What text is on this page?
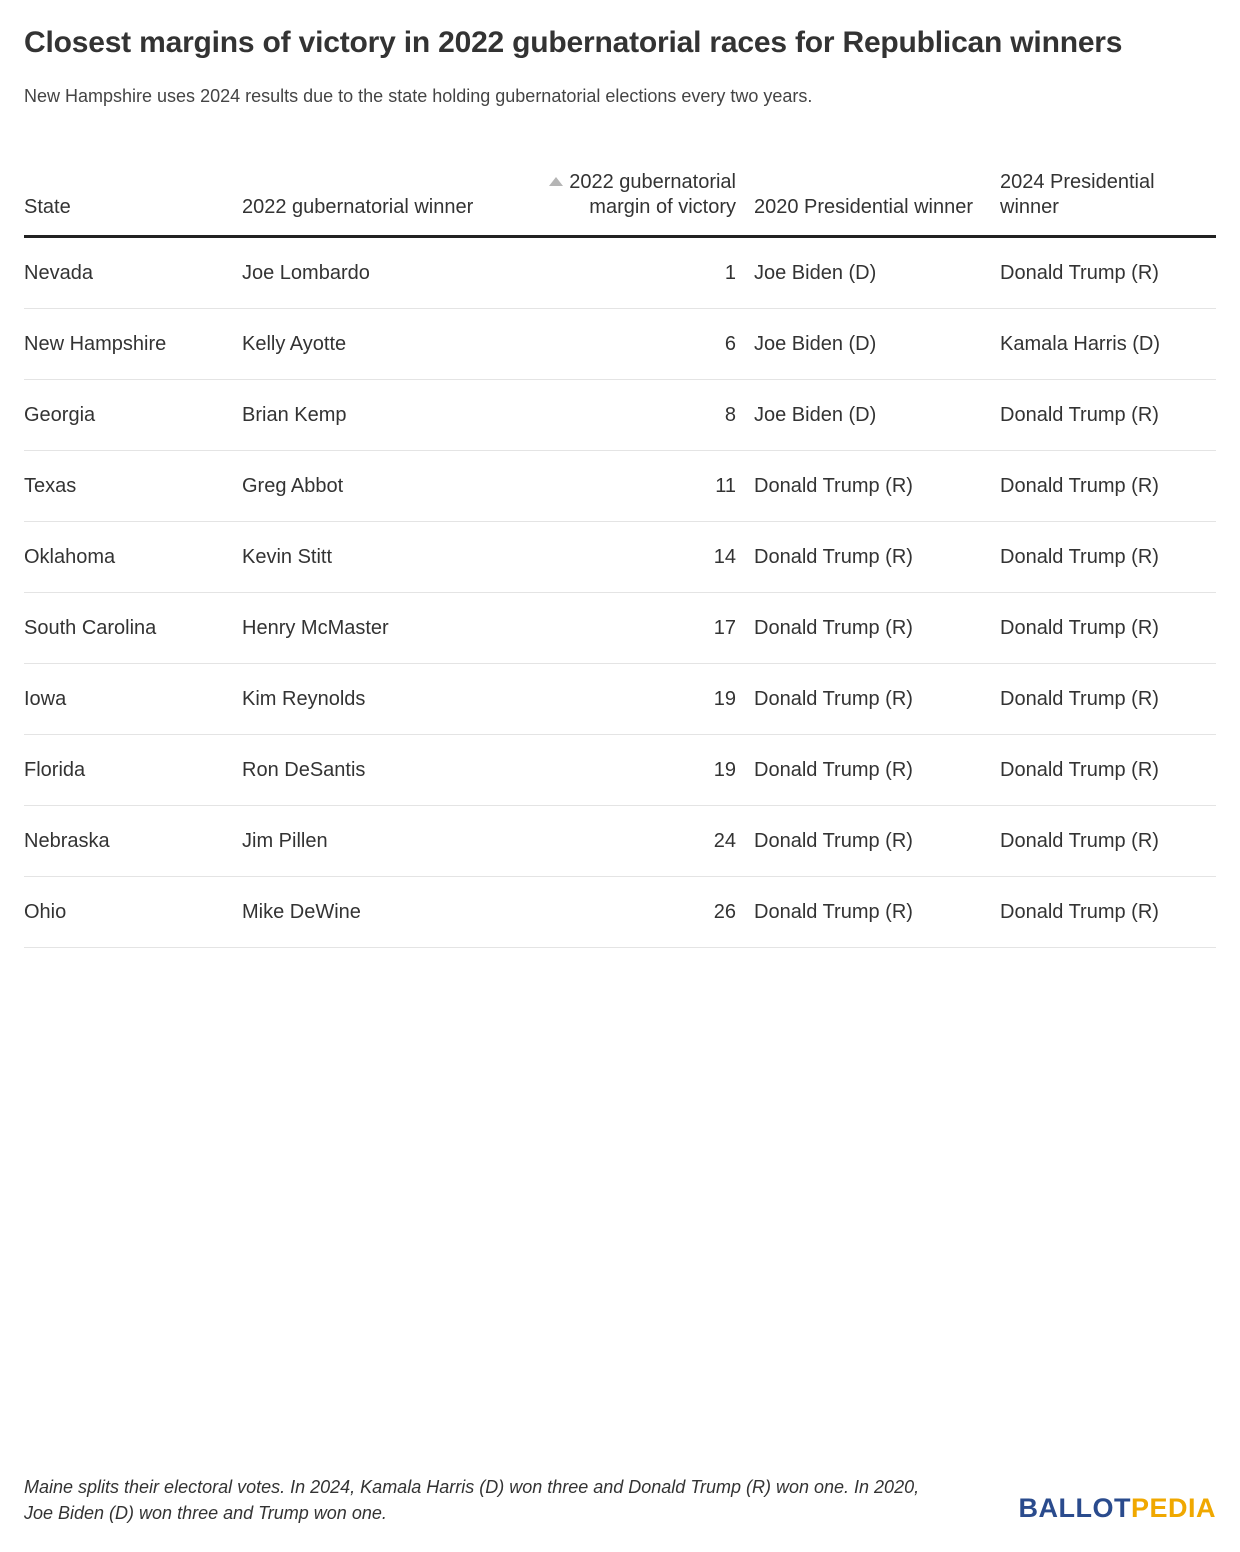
Closest margins of victory in 2022 gubernatorial races for Republican winners
New Hampshire uses 2024 results due to the state holding gubernatorial elections every two years.
State	2022 gubernatorial winner	2022 gubernatorial margin of victory	2020 Presidential winner	2024 Presidential winner
Nevada	Joe Lombardo	1	Joe Biden (D)	Donald Trump (R)
New Hampshire	Kelly Ayotte	6	Joe Biden (D)	Kamala Harris (D)
Georgia	Brian Kemp	8	Joe Biden (D)	Donald Trump (R)
Texas	Greg Abbot	11	Donald Trump (R)	Donald Trump (R)
Oklahoma	Kevin Stitt	14	Donald Trump (R)	Donald Trump (R)
South Carolina	Henry McMaster	17	Donald Trump (R)	Donald Trump (R)
Iowa	Kim Reynolds	19	Donald Trump (R)	Donald Trump (R)
Florida	Ron DeSantis	19	Donald Trump (R)	Donald Trump (R)
Nebraska	Jim Pillen	24	Donald Trump (R)	Donald Trump (R)
Ohio	Mike DeWine	26	Donald Trump (R)	Donald Trump (R)
Maine splits their electoral votes. In 2024, Kamala Harris (D) won three and Donald Trump (R) won one. In 2020, Joe Biden (D) won three and Trump won one.	BALLOTPEDIA
